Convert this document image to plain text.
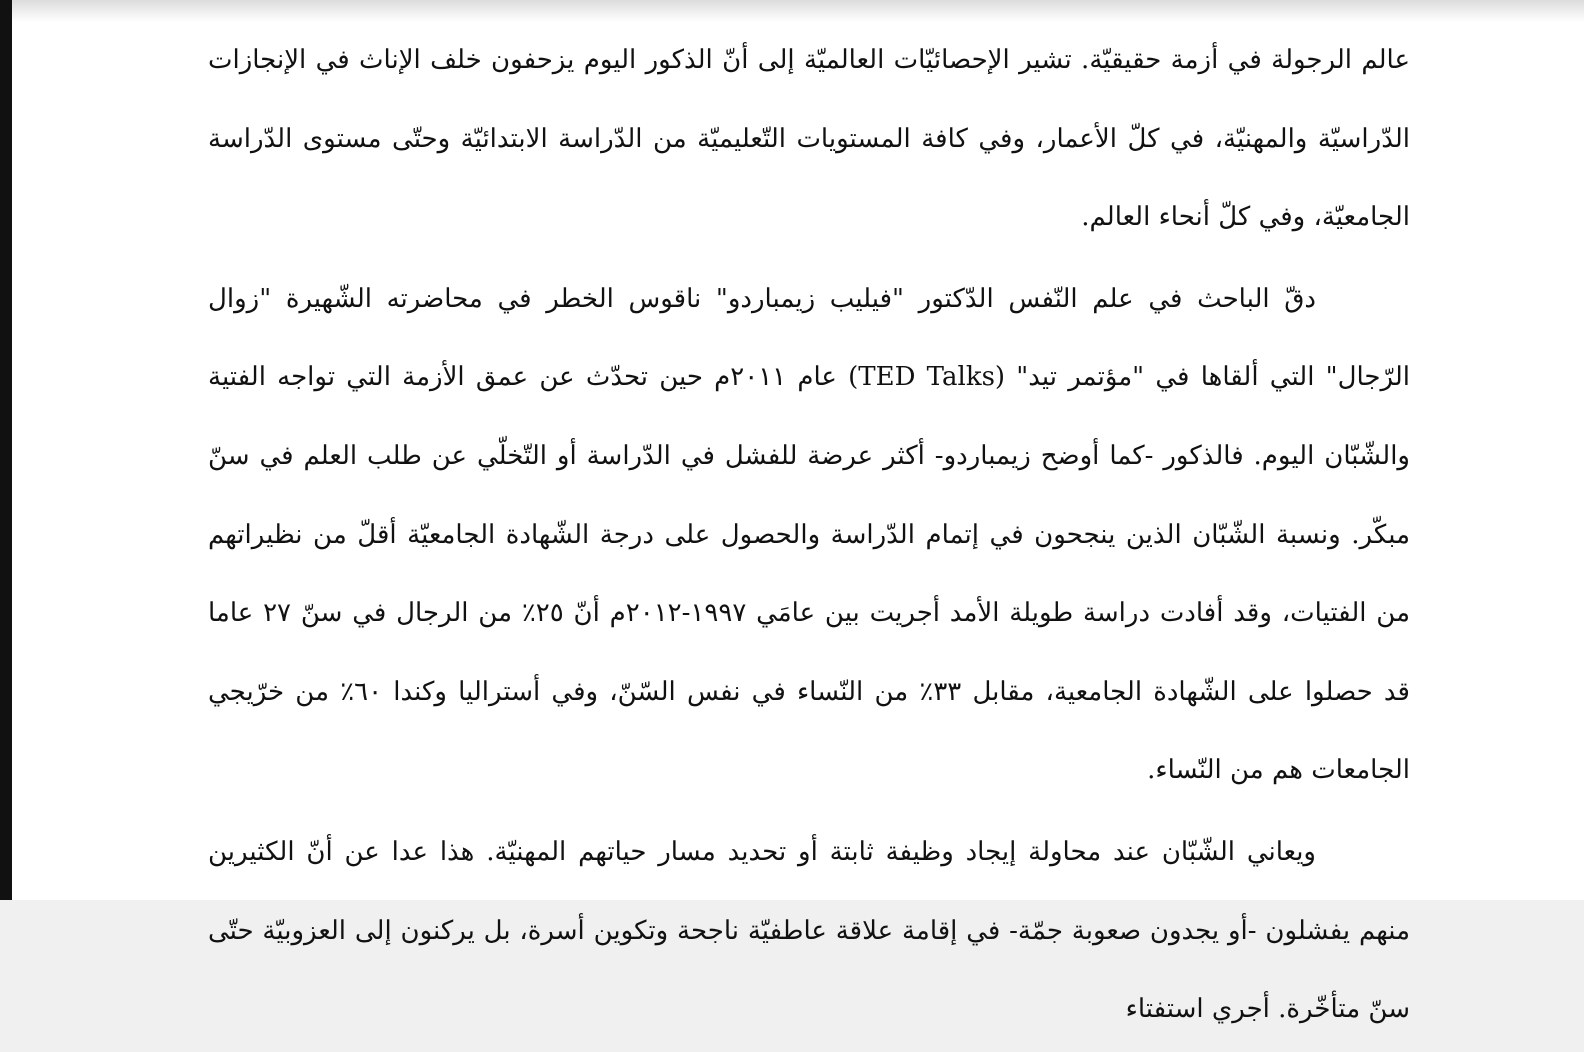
عالم الرجولة في أزمة حقيقيّة. تشير الإحصائيّات العالميّة إلى أنّ الذكور اليوم يزحفون خلف الإناث في الإنجازات الدّراسيّة والمهنيّة، في كلّ الأعمار، وفي كافة المستويات التّعليميّة من الدّراسة الابتدائيّة وحتّى مستوى الدّراسة الجامعيّة، وفي كلّ أنحاء العالم.

دقّ الباحث في علم النّفس الدّكتور "فيليب زيمباردو" ناقوس الخطر في محاضرته الشّهيرة "زوال الرّجال" التي ألقاها في "مؤتمر تيد" (TED Talks) عام ٢٠١١م حين تحدّث عن عمق الأزمة التي تواجه الفتية والشّبّان اليوم. فالذكور -كما أوضح زيمباردو- أكثر عرضة للفشل في الدّراسة أو التّخلّي عن طلب العلم في سنّ مبكّر. ونسبة الشّبّان الذين ينجحون في إتمام الدّراسة والحصول على درجة الشّهادة الجامعيّة أقلّ من نظيراتهم من الفتيات، وقد أفادت دراسة طويلة الأمد أجريت بين عامَي ١٩٩٧-٢٠١٢م أنّ ٢٥٪ من الرجال في سنّ ٢٧ عاما قد حصلوا على الشّهادة الجامعية، مقابل ٣٣٪ من النّساء في نفس السّنّ، وفي أستراليا وكندا ٦٠٪ من خرّيجي الجامعات هم من النّساء.

ويعاني الشّبّان عند محاولة إيجاد وظيفة ثابتة أو تحديد مسار حياتهم المهنيّة. هذا عدا عن أنّ الكثيرين منهم يفشلون -أو يجدون صعوبة جمّة- في إقامة علاقة عاطفيّة ناجحة وتكوين أسرة، بل يركنون إلى العزوبيّة حتّى سنّ متأخّرة. أجري استفتاء
